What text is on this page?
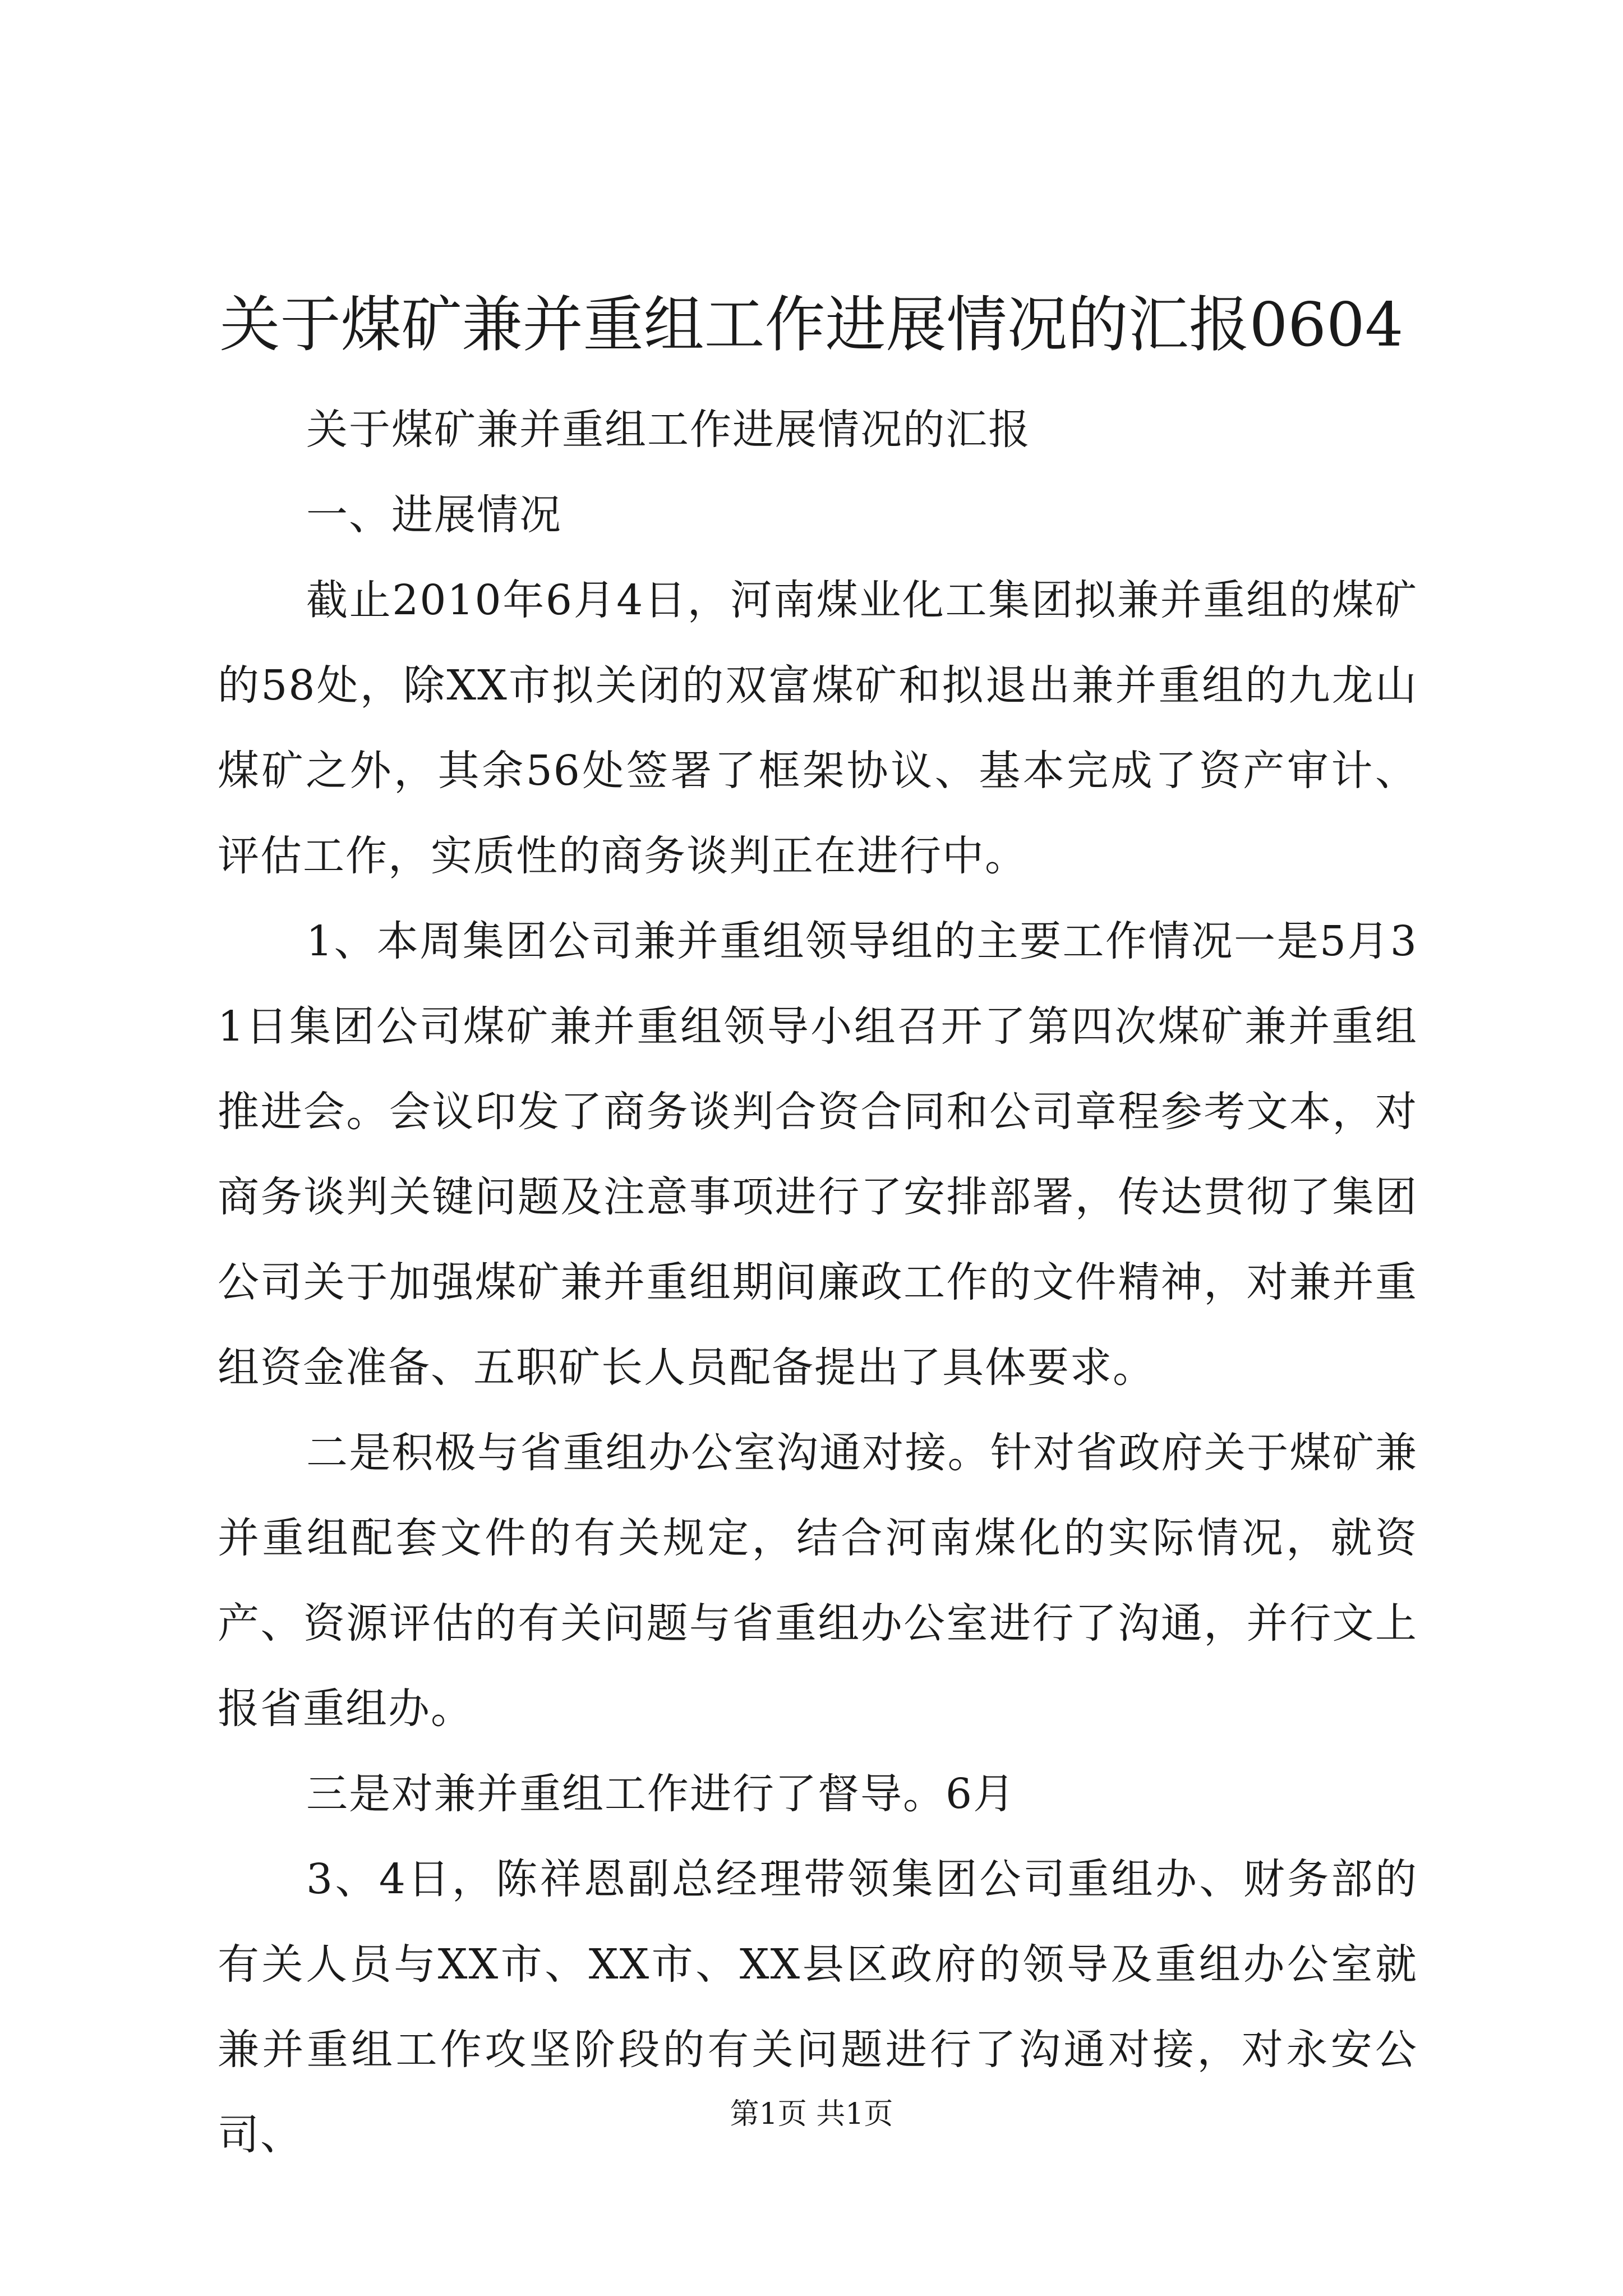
关于煤矿兼并重组工作进展情况的汇报0604

关于煤矿兼并重组工作进展情况的汇报

一、进展情况

截止2010年6月4日，河南煤业化工集团拟兼并重组的煤矿的58处，除XX市拟关闭的双富煤矿和拟退出兼并重组的九龙山煤矿之外，其余56处签署了框架协议、基本完成了资产审计、评估工作，实质性的商务谈判正在进行中。

1、本周集团公司兼并重组领导组的主要工作情况一是5月31日集团公司煤矿兼并重组领导小组召开了第四次煤矿兼并重组推进会。会议印发了商务谈判合资合同和公司章程参考文本，对商务谈判关键问题及注意事项进行了安排部署，传达贯彻了集团公司关于加强煤矿兼并重组期间廉政工作的文件精神，对兼并重组资金准备、五职矿长人员配备提出了具体要求。

二是积极与省重组办公室沟通对接。针对省政府关于煤矿兼并重组配套文件的有关规定，结合河南煤化的实际情况，就资产、资源评估的有关问题与省重组办公室进行了沟通，并行文上报省重组办。

三是对兼并重组工作进行了督导。6月

3、4日，陈祥恩副总经理带领集团公司重组办、财务部的有关人员与XX市、XX市、XX县区政府的领导及重组办公室就兼并重组工作攻坚阶段的有关问题进行了沟通对接，对永安公司、	第1页 共1页
